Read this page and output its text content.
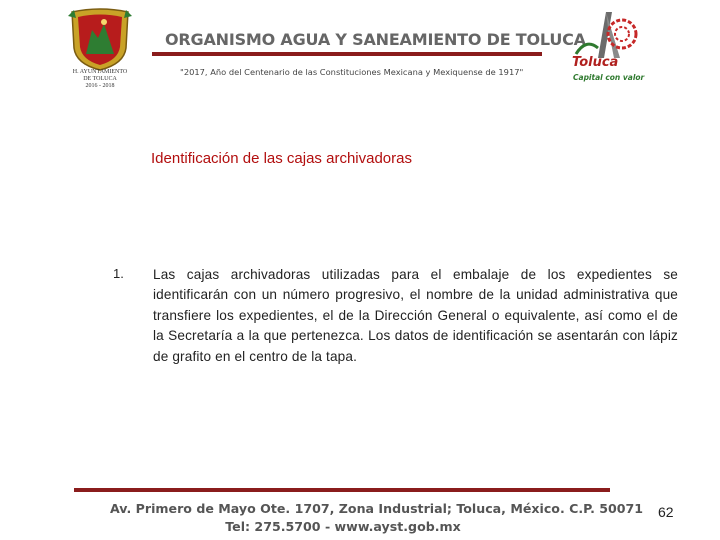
H. AYUNTAMIENTO
DE TOLUCA
2016 - 2018
ORGANISMO AGUA Y SANEAMIENTO DE TOLUCA
"2017, Año del Centenario de las Constituciones Mexicana y Mexiquense de 1917"
Toluca
Capital con valor
Identificación de las cajas archivadoras
1. Las cajas archivadoras utilizadas para el embalaje de los expedientes se identificarán con un número progresivo, el nombre de la unidad administrativa que transfiere los expedientes, el de la Dirección General o equivalente, así como el de la Secretaría a la que pertenezca. Los datos de identificación se asentarán con lápiz de grafito en el centro de la tapa.
Av. Primero de Mayo Ote. 1707, Zona Industrial; Toluca, México. C.P. 50071
Tel: 275.5700 - www.ayst.gob.mx
62
